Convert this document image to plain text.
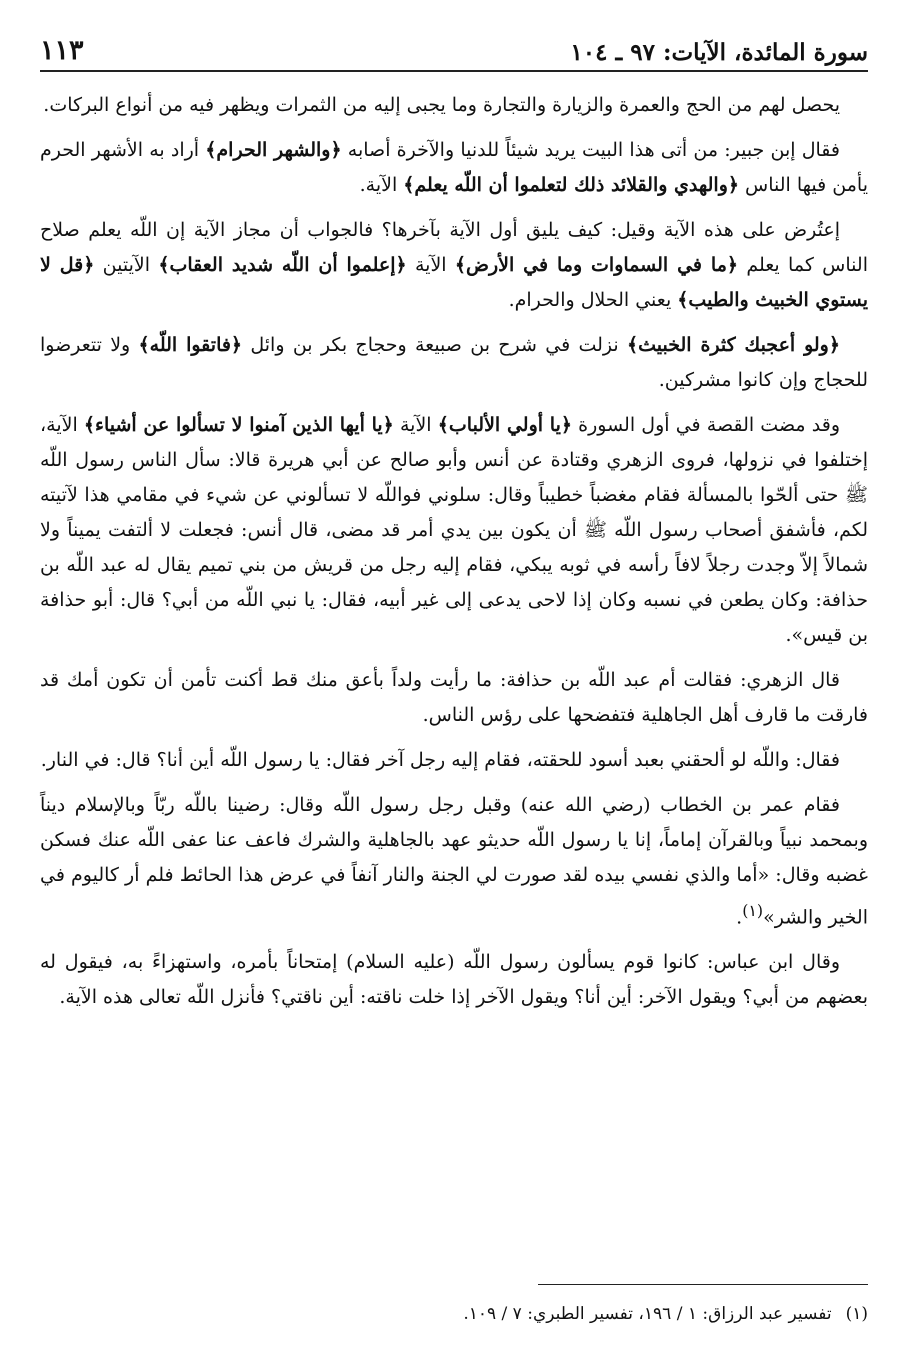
سورة المائدة، الآيات: ٩٧ ـ ١٠٤
١١٣

يحصل لهم من الحج والعمرة والزيارة والتجارة وما يجبى إليه من الثمرات ويظهر فيه من أنواع البركات.

فقال إبن جبير: من أتى هذا البيت يريد شيئاً للدنيا والآخرة أصابه ﴿والشهر الحرام﴾ أراد به الأشهر الحرم يأمن فيها الناس ﴿والهدي والقلائد ذلك لتعلموا أن اللّه يعلم﴾ الآية.

إعتُرض على هذه الآية وقيل: كيف يليق أول الآية بآخرها؟ فالجواب أن مجاز الآية إن اللّه يعلم صلاح الناس كما يعلم ﴿ما في السماوات وما في الأرض﴾ الآية ﴿إعلموا أن اللّه شديد العقاب﴾ الآيتين ﴿قل لا يستوي الخبيث والطيب﴾ يعني الحلال والحرام.

﴿ولو أعجبك كثرة الخبيث﴾ نزلت في شرح بن صبيعة وحجاج بكر بن وائل ﴿فاتقوا اللّه﴾ ولا تتعرضوا للحجاج وإن كانوا مشركين.

وقد مضت القصة في أول السورة ﴿يا أولي الألباب﴾ الآية ﴿يا أيها الذين آمنوا لا تسألوا عن أشياء﴾ الآية، إختلفوا في نزولها، فروى الزهري وقتادة عن أنس وأبو صالح عن أبي هريرة قالا: سأل الناس رسول اللّه ﷺ حتى ألحّوا بالمسألة فقام مغضباً خطيباً وقال: سلوني فواللّه لا تسألوني عن شيء في مقامي هذا لآتيته لكم، فأشفق أصحاب رسول اللّه ﷺ أن يكون بين يدي أمر قد مضى، قال أنس: فجعلت لا ألتفت يميناً ولا شمالاً إلاّ وجدت رجلاً لافاً رأسه في ثوبه يبكي، فقام إليه رجل من قريش من بني تميم يقال له عبد اللّه بن حذافة: وكان يطعن في نسبه وكان إذا لاحى يدعى إلى غير أبيه، فقال: يا نبي اللّه من أبي؟ قال: أبو حذافة بن قيس».

قال الزهري: فقالت أم عبد اللّه بن حذافة: ما رأيت ولداً بأعق منك قط أكنت تأمن أن تكون أمك قد فارقت ما قارف أهل الجاهلية فتفضحها على رؤس الناس.

فقال: واللّه لو ألحقني بعبد أسود للحقته، فقام إليه رجل آخر فقال: يا رسول اللّه أين أنا؟ قال: في النار.

فقام عمر بن الخطاب (رضي الله عنه) وقبل رجل رسول اللّه وقال: رضينا باللّه ربّاً وبالإسلام ديناً وبمحمد نبياً وبالقرآن إماماً، إنا يا رسول اللّه حديثو عهد بالجاهلية والشرك فاعف عنا عفى اللّه عنك فسكن غضبه وقال: «أما والذي نفسي بيده لقد صورت لي الجنة والنار آنفاً في عرض هذا الحائط فلم أر كاليوم في الخير والشر»$^{(١)}$.

وقال ابن عباس: كانوا قوم يسألون رسول اللّه (عليه السلام) إمتحاناً بأمره، واستهزاءً به، فيقول له بعضهم من أبي؟ ويقول الآخر: أين أنا؟ ويقول الآخر إذا خلت ناقته: أين ناقتي؟ فأنزل اللّه تعالى هذه الآية.

(١)تفسير عبد الرزاق: ١ / ١٩٦، تفسير الطبري: ٧ / ١٠٩.
